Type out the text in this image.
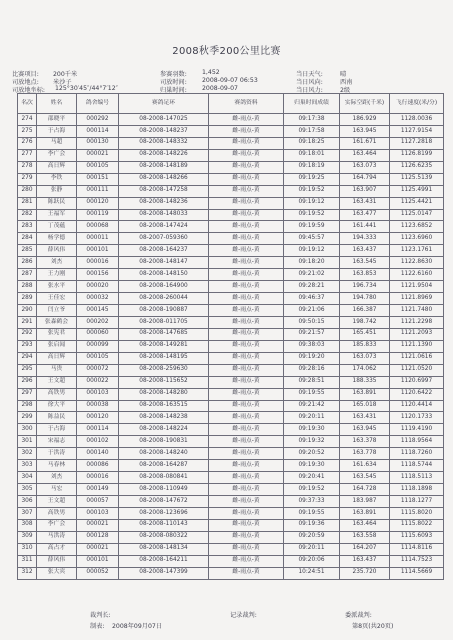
2008秋季200公里比赛
比赛项目: 200千米
司放地点: 米沙子
司放地坐标: 125°30′45″/44°7′12″
参赛羽数: 1,452
司放时间: 2008-09-07 06:53
归巢时间: 2008-09-07
当日天气:	晴
当日风向:	西南
当日风力:	2级
名次	姓名	鸽舍编号	赛鸽足环	赛鸽资料	归巢时间成绩	实际空距(千米)	飞行速度(米/分)
274	邵晓平	000292	08-2008-147025	雌-雨点-黄	09:17:38	186.929	1128.0036
275	于占海	000114	08-2008-148237	雌-雨点-黄	09:17:58	163.945	1127.9154
276	马超	000130	08-2008-148332	雌-雨点-黄	09:18:25	161.671	1127.2818
277	李广会	000021	08-2008-148226	雌-雨点-黄	09:18:01	163.464	1126.8199
278	高日辉	000105	08-2008-148189	雌-雨点-黄	09:18:19	163.073	1126.6235
279	李铁	000151	08-2008-148266	雌-雨点-黄	09:19:25	164.794	1125.5139
280	张静	000111	08-2008-147258	雌-雨点-黄	09:19:52	163.907	1125.4991
281	陈跃民	000120	08-2008-148236	雌-雨点-黄	09:19:12	163.431	1125.4421
282	王福军	000119	08-2008-148033	雌-雨点-黄	09:19:52	163.477	1125.0147
283	丁茂蕴	000068	08-2008-147424	雌-雨点-黄	09:19:59	161.441	1123.6852
284	杨学德	000011	08-2007-059360	雌-雨点-黄	09:45:57	194.333	1123.6960
285	薛风伟	000101	08-2008-164237	雌-雨点-黄	09:19:12	163.437	1123.1761
286	刘杰	000016	08-2008-148147	雌-雨点-黄	09:18:20	163.545	1122.8630
287	王力刚	000156	08-2008-148150	雌-雨点-黄	09:21:02	163.853	1122.6160
288	张水平	000020	08-2008-164900	雌-雨点-黄	09:28:21	196.734	1121.9504
289	王佳宏	000032	08-2008-260044	雌-雨点-黄	09:46:37	194.780	1121.8969
290	闫立爷	000145	08-2008-190887	雌-雨点-黄	09:21:06	166.387	1121.7480
291	张森鹤会	000202	08-2008-011705	雌-雨点-黄	09:50:15	198.742	1121.2298
292	张宪君	000060	08-2008-147685	雌-雨点-黄	09:21:57	165.451	1121.2093
293	张启闻	000099	08-2008-149281	雌-雨点-黄	09:38:03	185.833	1121.1390
294	高日辉	000105	08-2008-148195	雌-雨点-黄	09:19:20	163.073	1121.0616
295	马贵	000072	08-2008-259630	雌-雨点-黄	09:28:16	174.062	1121.0520
296	王文超	000022	08-2008-115652	雌-雨点-黄	09:28:51	188.335	1120.6997
297	高铁男	000103	08-2008-148280	雌-雨点-黄	09:19:55	163.891	1120.6422
298	徐大平	000038	08-2008-163515	雌-雨点-黄	09:21:42	165.018	1120.4414
299	陈益民	000120	08-2008-148238	雌-雨点-黄	09:20:11	163.431	1120.1733
300	于占海	000114	08-2008-148224	雌-雨点-黄	09:19:30	163.945	1119.4190
301	宋福志	000102	08-2008-190831	雌-雨点-黄	09:19:32	163.378	1118.9564
302	于洪涛	000140	08-2008-148240	雌-雨点-黄	09:20:52	163.778	1118.7260
303	马春林	000086	08-2008-164287	雌-雨点-黄	09:19:30	161.634	1118.5744
304	刘杰	000016	08-2008-080841	雌-雨点-黄	09:20:41	163.545	1118.5113
305	马宏	000149	08-2008-110949	雌-雨点-黄	09:19:52	164.728	1118.1898
306	王文超	000057	08-2008-147672	雌-雨点-黄	09:37:33	183.987	1118.1277
307	高铁男	000103	08-2008-123696	雌-雨点-黄	09:19:55	163.891	1115.8020
308	李广会	000021	08-2008-110143	雌-雨点-黄	09:19:36	163.464	1115.8022
309	马洪涛	000128	08-2008-080322	雌-雨点-黄	09:20:59	163.558	1115.6093
310	高占才	000021	08-2008-148134	雌-雨点-黄	09:20:11	164.207	1114.8116
311	薛风伟	000101	08-2008-164211	雌-雨点-黄	09:20:06	163.437	1114.7523
312	张大宾	000052	08-2008-147399	雌-雨点-黄	10:24:51	235.720	1114.5669
裁判长:	记录裁判:	委派裁判:
制表: 2008年09月07日	第8页(共20页)
